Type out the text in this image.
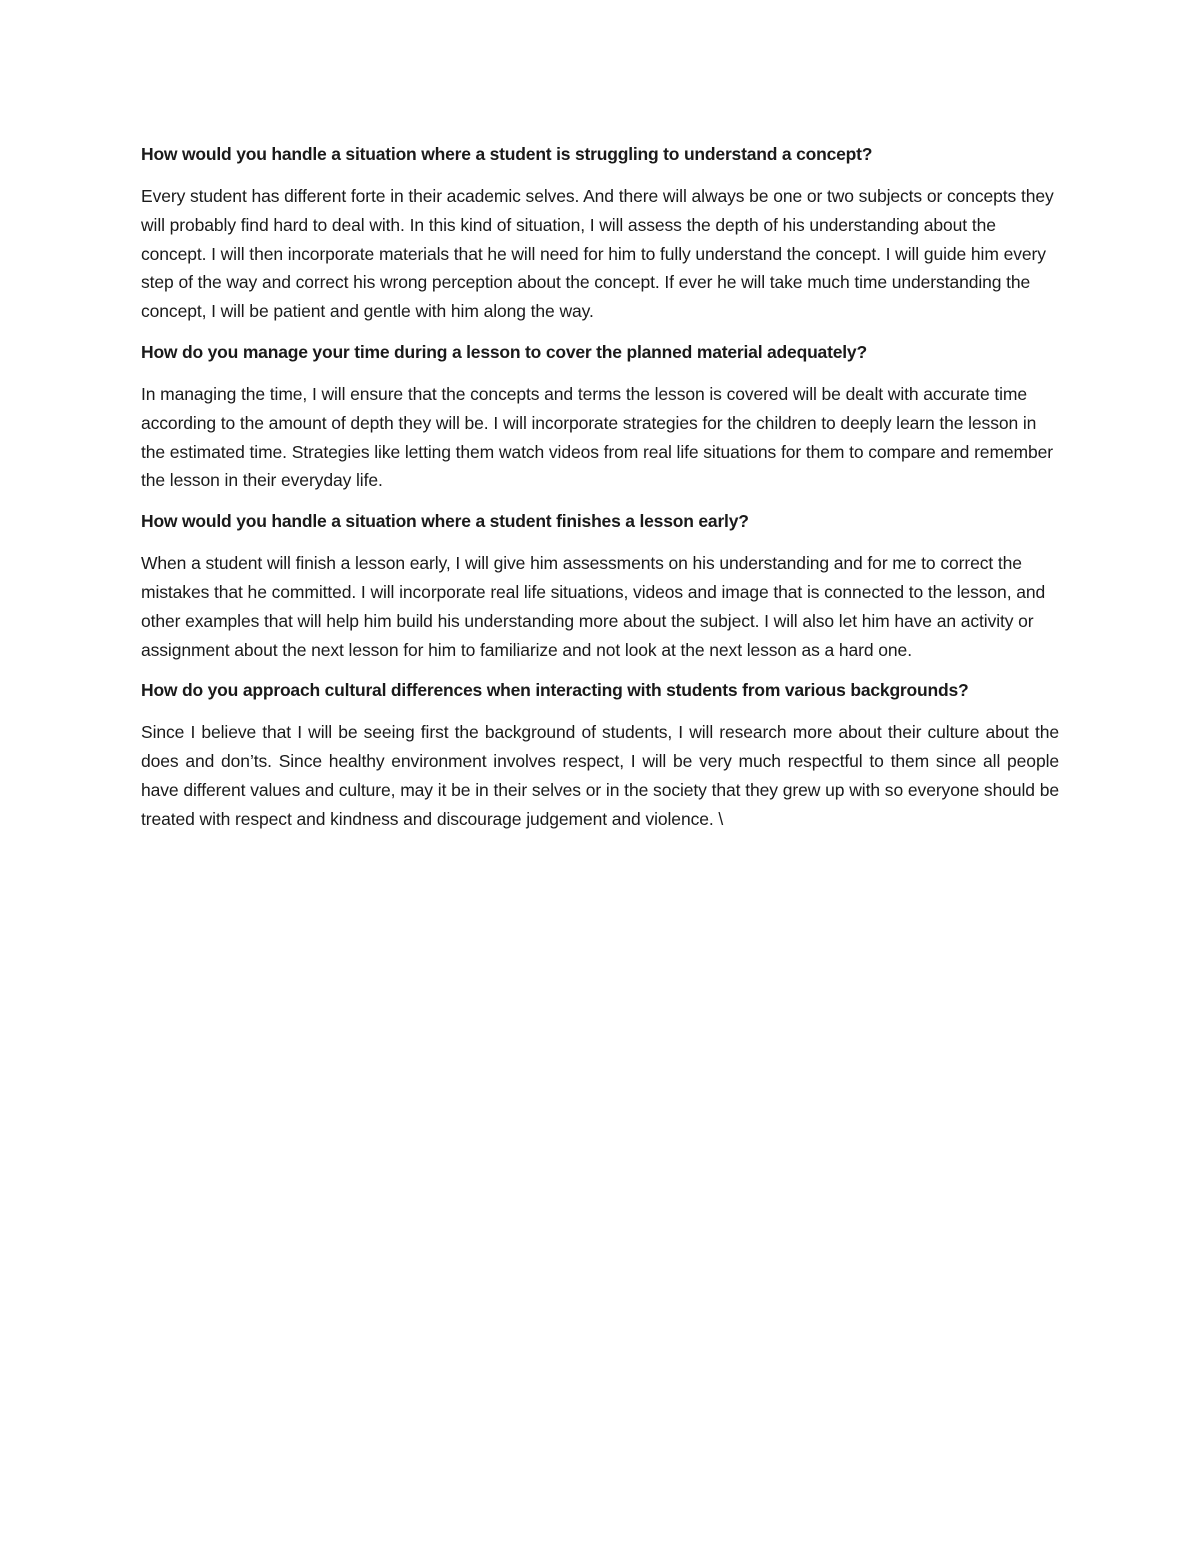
How would you handle a situation where a student is struggling to understand a concept?

Every student has different forte in their academic selves. And there will always be one or two subjects or concepts they will probably find hard to deal with. In this kind of situation, I will assess the depth of his understanding about the concept. I will then incorporate materials that he will need for him to fully understand the concept. I will guide him every step of the way and correct his wrong perception about the concept. If ever he will take much time understanding the concept, I will be patient and gentle with him along the way.

How do you manage your time during a lesson to cover the planned material adequately?

In managing the time, I will ensure that the concepts and terms the lesson is covered will be dealt with accurate time according to the amount of depth they will be. I will incorporate strategies for the children to deeply learn the lesson in the estimated time. Strategies like letting them watch videos from real life situations for them to compare and remember the lesson in their everyday life.

How would you handle a situation where a student finishes a lesson early?

When a student will finish a lesson early, I will give him assessments on his understanding and for me to correct the mistakes that he committed. I will incorporate real life situations, videos and image that is connected to the lesson, and other examples that will help him build his understanding more about the subject. I will also let him have an activity or assignment about the next lesson for him to familiarize and not look at the next lesson as a hard one.

How do you approach cultural differences when interacting with students from various backgrounds?

Since I believe that I will be seeing first the background of students, I will research more about their culture about the does and don’ts. Since healthy environment involves respect, I will be very much respectful to them since all people have different values and culture, may it be in their selves or in the society that they grew up with so everyone should be treated with respect and kindness and discourage judgement and violence. \
